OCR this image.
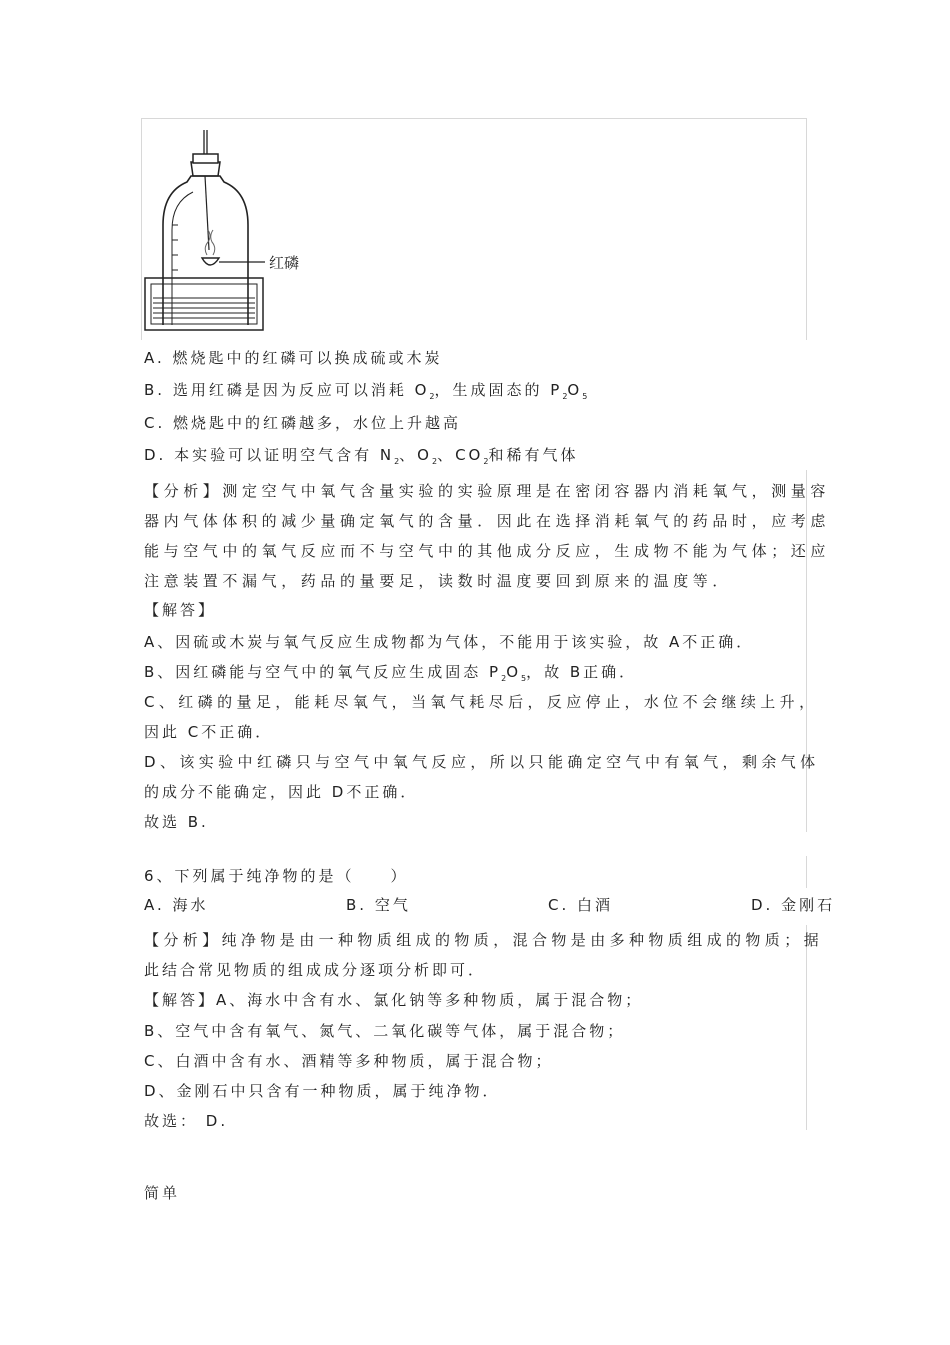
红磷
A. 燃烧匙中的红磷可以换成硫或木炭
B. 选用红磷是因为反应可以消耗 $O_2$，生成固态的 $P_2O_5$
C. 燃烧匙中的红磷越多，水位上升越高
D. 本实验可以证明空气含有 $N_2$、$O_2$、$CO_2$和稀有气体
【分析】测定空气中氧气含量实验的实验原理是在密闭容器内消耗氧气，测量容
器内气体体积的减少量确定氧气的含量．因此在选择消耗氧气的药品时，应考虑
能与空气中的氧气反应而不与空气中的其他成分反应，生成物不能为气体；还应
注意装置不漏气，药品的量要足，读数时温度要回到原来的温度等．
【解答】
A、因硫或木炭与氧气反应生成物都为气体，不能用于该实验，故 A不正确．
B、因红磷能与空气中的氧气反应生成固态 $P_2O_5$，故 B正确．
C、红磷的量足，能耗尽氧气，当氧气耗尽后，反应停止，水位不会继续上升，
因此 C不正确．
D、该实验中红磷只与空气中氧气反应，所以只能确定空气中有氧气，剩余气体
的成分不能确定，因此 D不正确．
故选 B.
6、下列属于纯净物的是（　　）
A. 海水	B. 空气	C. 白酒	D. 金刚石
【分析】纯净物是由一种物质组成的物质，混合物是由多种物质组成的物质；据
此结合常见物质的组成成分逐项分析即可．
【解答】A、海水中含有水、氯化钠等多种物质，属于混合物；
B、空气中含有氧气、氮气、二氧化碳等气体，属于混合物；
C、白酒中含有水、酒精等多种物质，属于混合物；
D、金刚石中只含有一种物质，属于纯净物．
故选： D.
简单
